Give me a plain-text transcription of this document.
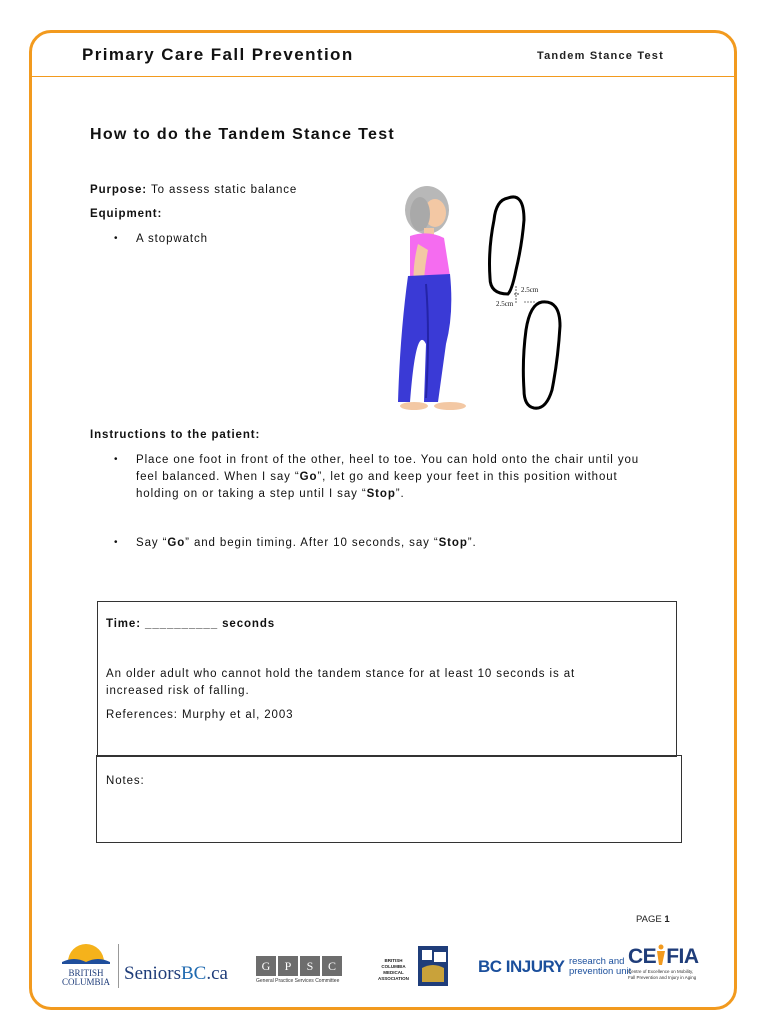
Primary Care Fall Prevention	Tandem Stance Test
How to do the Tandem Stance Test
Purpose: To assess static balance
Equipment:
• A stopwatch
2.5cm
2.5cm
Instructions to the patient:
• Place one foot in front of the other, heel to toe. You can hold onto the chair until you
feel balanced. When I say “Go”, let go and keep your feet in this position without
holding on or taking a step until I say “Stop”.
• Say “Go” and begin timing. After 10 seconds, say “Stop”.
Time: __________ seconds
An older adult who cannot hold the tandem stance for at least 10 seconds is at
increased risk of falling.
References: Murphy et al, 2003
Notes:
PAGE 1
BRITISH
COLUMBIA SeniorsBC.ca	G P S C
General Practice Services Committee
BRITISH
COLUMBIA
MEDICAL
ASSOCIATION
BC INJURY research and
prevention unit
CE FIA
Centre of Excellence on Mobility,
Fall Prevention and Injury in Aging
